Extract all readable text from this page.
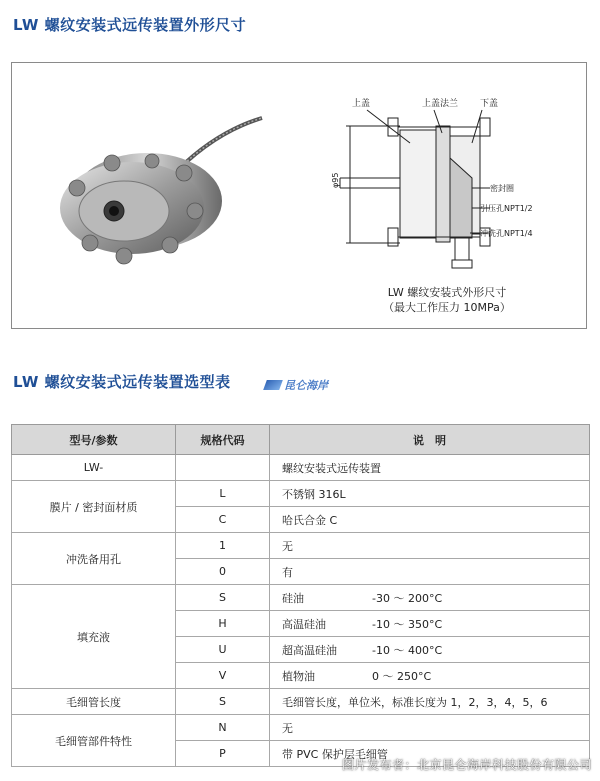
LW 螺纹安装式远传装置外形尺寸
上盖	上盖法兰 下盖
密封圈
引压孔NPT1/2
冲洗孔NPT1/4
φ95
LW 螺纹安装式外形尺寸
（最大工作压力 10MPa）
LW 螺纹安装式远传装置选型表	昆仑海岸
型号/参数	规格代码	说　明
LW-		螺纹安装式远传装置
膜片 / 密封面材质	L	不锈钢 316L
	C	哈氏合金 C
冲洗备用孔	1	无
	0	有
填充液	S	硅油 -30 ～ 200°C
	H	高温硅油 -10 ～ 350°C
	U	超高温硅油 -10 ～ 400°C
	V	植物油 0 ～ 250°C
毛细管长度	S	毛细管长度，单位米，标准长度为 1，2，3，4，5，6
毛细管部件特性	N	无
	P	带 PVC 保护层毛细管
图片发布者：北京昆仑海岸科技股份有限公司
